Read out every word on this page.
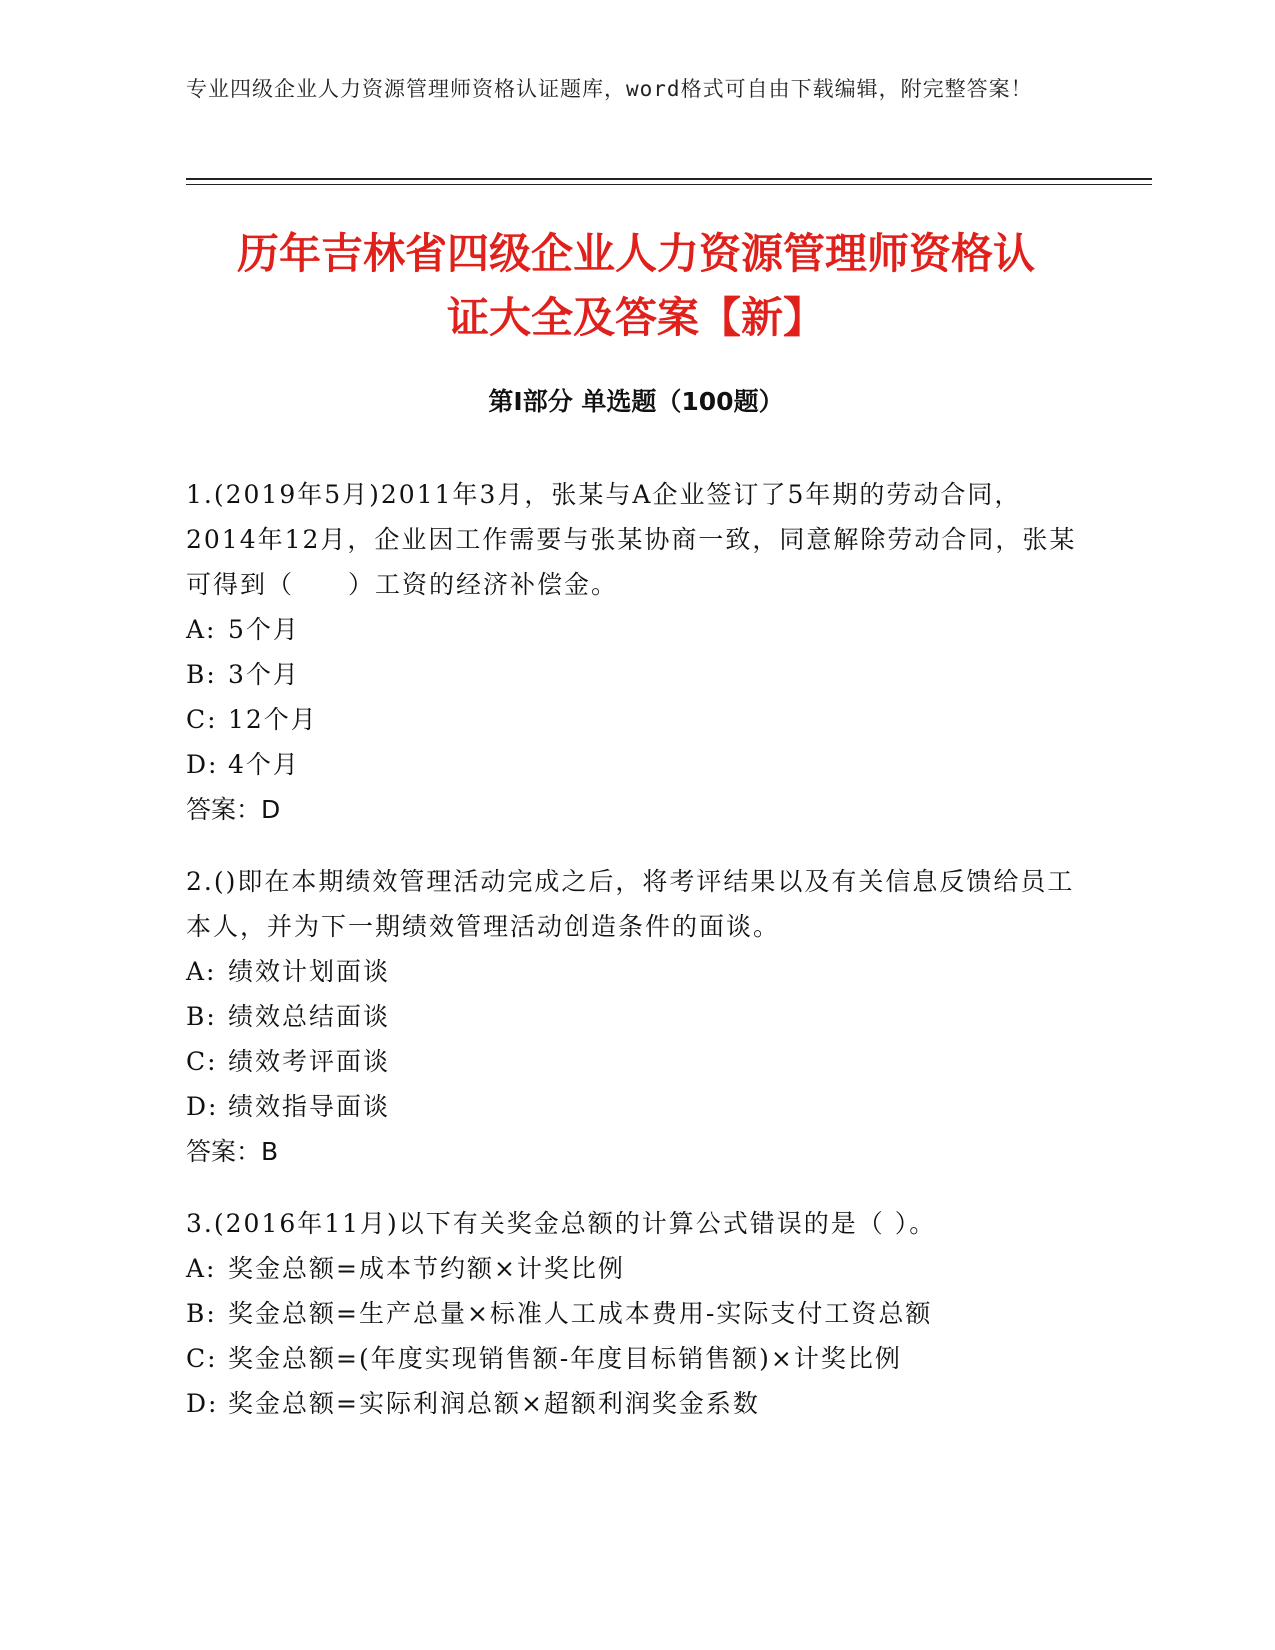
专业四级企业人力资源管理师资格认证题库，word格式可自由下载编辑，附完整答案！
历年吉林省四级企业人力资源管理师资格认
证大全及答案【新】
第I部分 单选题（100题）

1.(2019年5月)2011年3月，张某与A企业签订了5年期的劳动合同，2014年12月，企业因工作需要与张某协商一致，同意解除劳动合同，张某可得到（　　）工资的经济补偿金。

A: 5个月
B: 3个月
C: 12个月
D: 4个月
答案：D

2.()即在本期绩效管理活动完成之后，将考评结果以及有关信息反馈给员工本人，并为下一期绩效管理活动创造条件的面谈。

A: 绩效计划面谈
B: 绩效总结面谈
C: 绩效考评面谈
D: 绩效指导面谈
答案：B

3.(2016年11月)以下有关奖金总额的计算公式错误的是（ ）。

A: 奖金总额=成本节约额×计奖比例
B: 奖金总额=生产总量×标准人工成本费用-实际支付工资总额
C: 奖金总额=(年度实现销售额-年度目标销售额)×计奖比例
D: 奖金总额=实际利润总额×超额利润奖金系数
